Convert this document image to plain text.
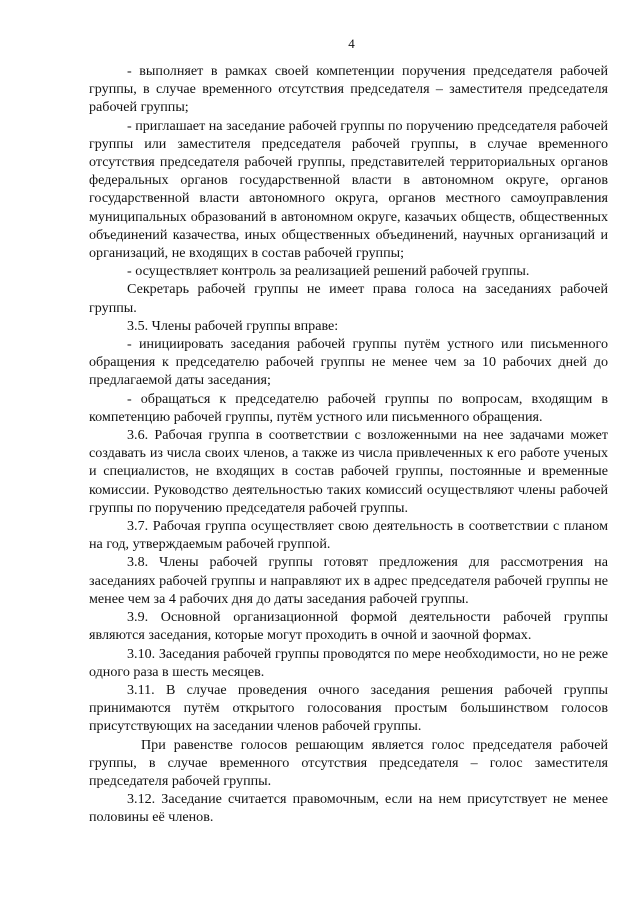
4

- выполняет в рамках своей компетенции поручения председателя рабочей группы, в случае временного отсутствия председателя – заместителя председателя рабочей группы;

- приглашает на заседание рабочей группы по поручению председателя рабочей группы или заместителя председателя рабочей группы, в случае временного отсутствия председателя рабочей группы, представителей территориальных органов федеральных органов государственной власти в автономном округе, органов государственной власти автономного округа, органов местного самоуправления муниципальных образований в автономном округе, казачьих обществ, общественных объединений казачества, иных общественных объединений, научных организаций и организаций, не входящих в состав рабочей группы;

- осуществляет контроль за реализацией решений рабочей группы.

Секретарь рабочей группы не имеет права голоса на заседаниях рабочей группы.

3.5. Члены рабочей группы вправе:

- инициировать заседания рабочей группы путём устного или письменного обращения к председателю рабочей группы не менее чем за 10 рабочих дней до предлагаемой даты заседания;

- обращаться к председателю рабочей группы по вопросам, входящим в компетенцию рабочей группы, путём устного или письменного обращения.

3.6. Рабочая группа в соответствии с возложенными на нее задачами может создавать из числа своих членов, а также из числа привлеченных к его работе ученых и специалистов, не входящих в состав рабочей группы, постоянные и временные комиссии. Руководство деятельностью таких комиссий осуществляют члены рабочей группы по поручению председателя рабочей группы.

3.7. Рабочая группа осуществляет свою деятельность в соответствии с планом на год, утверждаемым рабочей группой.

3.8. Члены рабочей группы готовят предложения для рассмотрения на заседаниях рабочей группы и направляют их в адрес председателя рабочей группы не менее чем за 4 рабочих дня до даты заседания рабочей группы.

3.9. Основной организационной формой деятельности рабочей группы являются заседания, которые могут проходить в очной и заочной формах.

3.10. Заседания рабочей группы проводятся по мере необходимости, но не реже одного раза в шесть месяцев.

3.11. В случае проведения очного заседания решения рабочей группы принимаются путём открытого голосования простым большинством голосов присутствующих на заседании членов рабочей группы.

При равенстве голосов решающим является голос председателя рабочей группы, в случае временного отсутствия председателя – голос заместителя председателя рабочей группы.

3.12. Заседание считается правомочным, если на нем присутствует не менее половины её членов.
